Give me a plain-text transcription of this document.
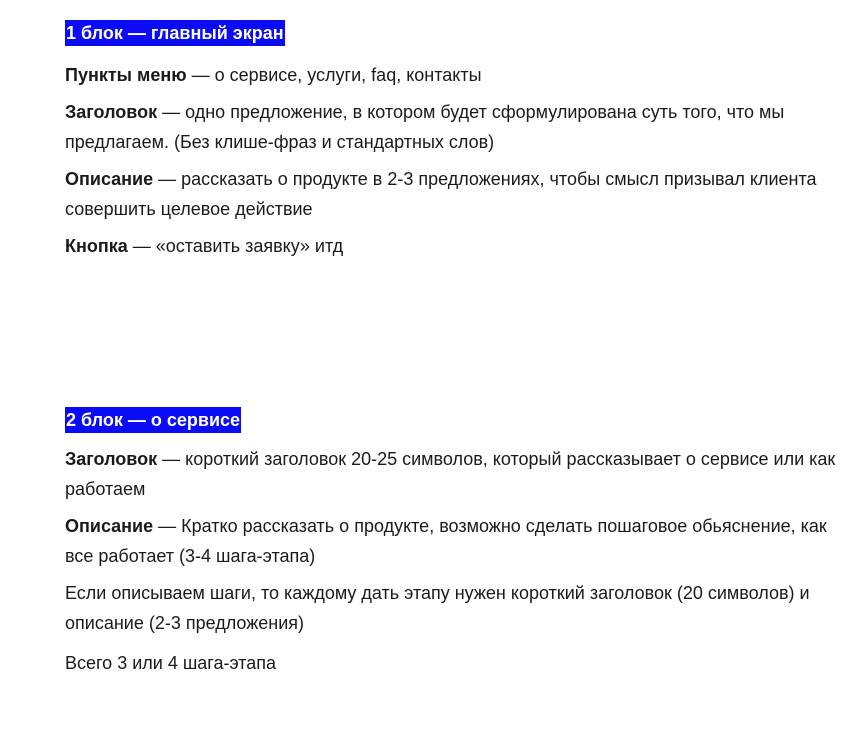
1 блок — главный экран

Пункты меню — о сервисе, услуги, faq, контакты

Заголовок — одно предложение, в котором будет сформулирована суть того, что мы предлагаем. (Без клише-фраз и стандартных слов)

Описание — рассказать о продукте в 2-3 предложениях, чтобы смысл призывал клиента совершить целевое действие

Кнопка — «оставить заявку» итд

2 блок — о сервисе

Заголовок — короткий заголовок 20-25 символов, который рассказывает о сервисе или как работаем

Описание — Кратко рассказать о продукте, возможно сделать пошаговое обьяснение, как все работает (3-4 шага-этапа)

Если описываем шаги, то каждому дать этапу нужен короткий заголовок (20 символов) и описание (2-3 предложения)

Всего 3 или 4 шага-этапа
